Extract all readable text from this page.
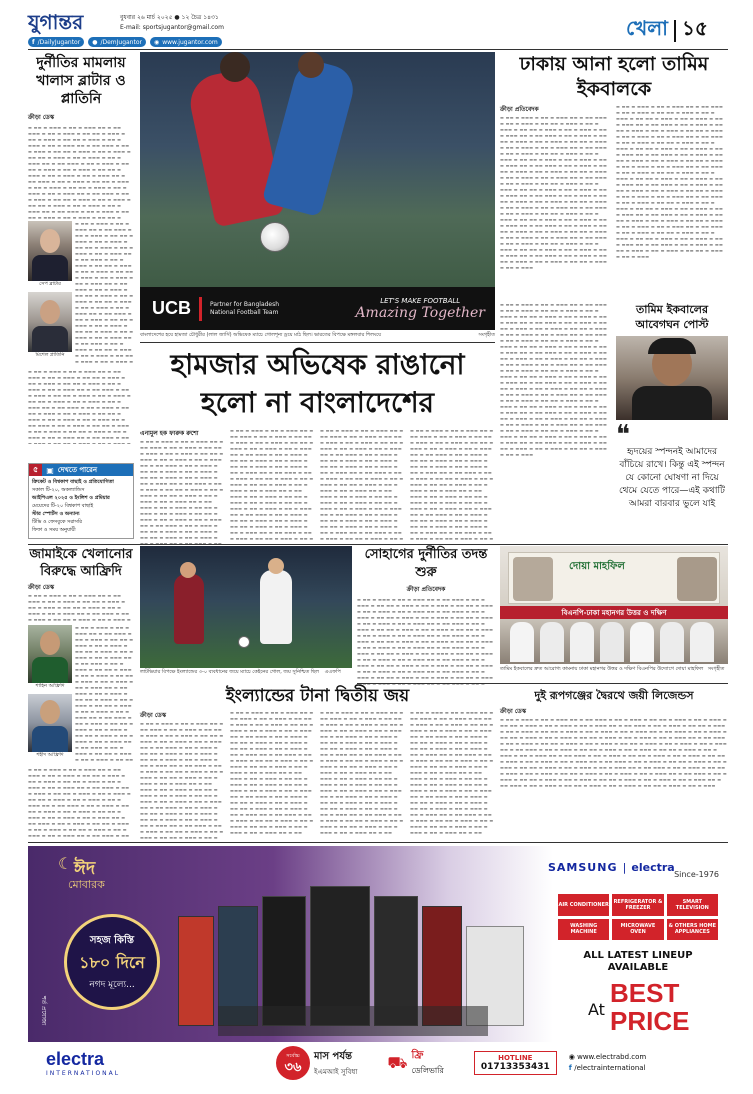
যুগান্তর	বুধবার ২৬ মার্চ ২০২৫ ● ১২ চৈত্র ১৪৩১
E-mail: sportsjugantor@gmail.com
f /DailyJugantor ● /DemJugantor ◉ www.jugantor.com
খেলা ১৫
দুর্নীতির মামলায় খালাস ব্লাটার ও প্লাতিনি
ক্রীড়া ডেস্ক
▬ ▬▬ ▬ ▬▬▬ ▬ ▬▬ ▬ ▬▬▬ ▬▬ ▬ ▬▬ ▬▬▬ ▬ ▬▬ ▬ ▬▬▬ ▬ ▬▬ ▬▬ ▬ ▬▬▬ ▬ ▬▬ ▬ ▬▬▬ ▬ ▬▬ ▬▬ ▬ ▬▬▬ ▬ ▬▬ ▬ ▬▬▬ ▬ ▬▬ ▬ ▬▬▬ ▬▬ ▬ ▬▬ ▬▬▬ ▬ ▬▬ ▬ ▬▬▬ ▬ ▬▬ ▬▬ ▬ ▬▬▬ ▬ ▬▬ ▬ ▬▬▬ ▬ ▬▬ ▬▬ ▬ ▬▬▬ ▬ ▬▬ ▬ ▬▬▬ ▬ ▬▬ ▬ ▬▬▬ ▬▬ ▬ ▬▬ ▬▬▬ ▬ ▬▬ ▬ ▬▬▬ ▬ ▬▬ ▬▬ ▬ ▬▬▬ ▬ ▬▬ ▬ ▬▬▬ ▬ ▬▬ ▬▬ ▬ ▬▬▬ ▬ ▬▬ ▬ ▬▬▬ ▬ ▬▬ ▬ ▬▬▬ ▬▬ ▬ ▬▬ ▬▬▬ ▬ ▬▬ ▬ ▬▬▬ ▬ ▬▬ ▬▬ ▬ ▬▬▬ ▬ ▬▬ ▬ ▬▬▬ ▬ ▬▬ ▬▬ ▬ ▬▬▬ ▬ ▬▬ ▬ ▬▬▬ ▬ ▬▬ ▬ ▬▬▬ ▬▬ ▬ ▬▬ ▬▬▬ ▬ ▬▬ ▬ ▬▬▬ ▬ ▬▬ ▬▬ ▬ ▬▬▬ ▬ ▬▬ ▬ ▬▬▬ ▬ ▬▬ ▬▬ ▬ ▬▬▬ ▬ ▬▬ ▬ ▬▬▬ ▬ ▬▬ ▬ ▬▬▬ ▬▬ ▬ ▬▬ ▬▬▬ ▬ ▬▬ ▬ ▬▬▬ ▬ ▬▬ ▬▬ ▬ ▬▬▬ ▬ ▬▬ ▬ ▬▬▬ ▬ ▬▬ ▬▬ ▬ ▬▬▬ ▬ ▬▬ ▬ ▬▬▬ ▬ ▬▬ ▬ ▬▬▬ ▬▬ ▬ ▬▬ ▬▬▬ ▬ ▬▬ ▬ ▬▬▬ ▬ ▬▬ ▬▬ ▬ ▬▬▬ ▬ ▬▬ ▬ ▬▬▬ ▬ ▬▬ ▬▬ ▬ ▬▬▬ ▬ ▬▬ ▬ ▬▬▬ ▬ ▬▬ ▬ ▬▬▬ ▬▬ ▬ ▬▬ ▬▬▬ ▬ ▬▬ ▬ ▬▬▬ ▬ ▬▬ ▬▬ ▬ ▬▬▬ ▬ ▬▬ ▬ ▬▬▬ ▬ ▬▬ ▬▬ ▬ ▬▬▬ ▬ ▬▬ ▬ ▬▬▬ ▬ ▬▬ ▬ ▬▬▬ ▬▬ ▬ ▬▬ ▬▬▬ ▬ ▬▬ ▬ ▬▬▬ ▬ ▬▬ ▬▬ ▬ ▬▬▬ ▬ ▬▬ ▬ ▬▬▬ ▬ ▬▬ ▬▬ ▬ ▬▬▬ ▬ ▬▬ ▬ ▬▬▬ ▬ ▬▬ ▬ ▬▬▬ ▬▬ ▬ ▬▬ ▬▬▬ ▬ ▬▬ ▬ ▬▬▬ ▬ ▬▬ ▬▬ ▬ ▬▬▬ ▬ ▬▬ ▬ ▬▬▬ ▬ ▬▬ ▬▬ ▬ ▬▬▬ ▬ ▬▬ ▬ ▬▬▬
সেপ ব্লাটার
মিশেল প্লাতিনি
▬ ▬▬ ▬ ▬▬▬ ▬ ▬▬ ▬ ▬▬▬ ▬▬ ▬ ▬▬ ▬▬▬ ▬ ▬▬ ▬ ▬▬▬ ▬ ▬▬ ▬▬ ▬ ▬▬▬ ▬ ▬▬ ▬ ▬▬▬ ▬ ▬▬ ▬▬ ▬ ▬▬▬ ▬ ▬▬ ▬ ▬▬▬ ▬ ▬▬ ▬ ▬▬▬ ▬▬ ▬ ▬▬ ▬▬▬ ▬ ▬▬ ▬ ▬▬▬ ▬ ▬▬ ▬▬ ▬ ▬▬▬ ▬ ▬▬ ▬ ▬▬▬ ▬ ▬▬ ▬▬ ▬ ▬▬▬ ▬ ▬▬ ▬ ▬▬▬ ▬ ▬▬ ▬ ▬▬▬ ▬▬ ▬ ▬▬ ▬▬▬ ▬ ▬▬ ▬ ▬▬▬ ▬ ▬▬ ▬▬ ▬ ▬▬▬ ▬ ▬▬ ▬ ▬▬▬ ▬ ▬▬ ▬▬ ▬ ▬▬▬ ▬ ▬▬ ▬ ▬▬▬ ▬ ▬▬ ▬ ▬▬▬ ▬▬ ▬ ▬▬ ▬▬▬ ▬ ▬▬ ▬ ▬▬▬ ▬ ▬▬ ▬▬ ▬ ▬▬▬ ▬ ▬▬ ▬ ▬▬▬ ▬ ▬▬ ▬▬ ▬ ▬▬▬ ▬ ▬▬ ▬ ▬▬▬ ▬ ▬▬ ▬ ▬▬▬ ▬▬ ▬ ▬▬ ▬▬▬ ▬ ▬▬ ▬ ▬▬▬ ▬ ▬▬ ▬▬ ▬ ▬▬▬ ▬ ▬▬ ▬ ▬▬▬ ▬ ▬▬ ▬▬ ▬ ▬▬▬ ▬ ▬▬ ▬ ▬▬▬ ▬ ▬▬ ▬ ▬▬▬ ▬▬ ▬ ▬▬ ▬▬▬ ▬ ▬▬ ▬ ▬▬▬ ▬ ▬▬ ▬▬ ▬ ▬▬▬ ▬ ▬▬ ▬ ▬▬▬ ▬ ▬▬ ▬▬ ▬ ▬▬▬ ▬ ▬▬ ▬ ▬▬▬ ▬ ▬▬ ▬ ▬▬▬ ▬▬ ▬ ▬▬ ▬▬▬ ▬ ▬▬ ▬ ▬▬▬ ▬ ▬▬ ▬▬ ▬ ▬▬▬ ▬ ▬▬ ▬ ▬▬▬ ▬ ▬▬ ▬▬ ▬ ▬▬▬ ▬ ▬▬ ▬ ▬▬▬ ▬ ▬▬ ▬ ▬▬▬ ▬▬ ▬ ▬▬ ▬▬▬ ▬ ▬▬ ▬ ▬▬▬ ▬ ▬▬ ▬▬ ▬ ▬▬▬ ▬ ▬▬ ▬ ▬▬▬ ▬ ▬▬ ▬▬ ▬ ▬▬▬ ▬ ▬▬ ▬ ▬▬▬ ▬ ▬▬ ▬ ▬▬▬ ▬▬ ▬ ▬▬ ▬▬▬ ▬ ▬▬ ▬ ▬▬▬ ▬ ▬▬ ▬▬ ▬ ▬▬▬ ▬ ▬▬ ▬ ▬▬▬ ▬ ▬▬ ▬▬ ▬ ▬▬▬ ▬ ▬▬ ▬ ▬▬▬ ▬ ▬▬ ▬ ▬▬▬ ▬▬ ▬ ▬▬ ▬▬▬ ▬ ▬▬ ▬ ▬▬▬ ▬ ▬▬ ▬▬ ▬ ▬▬▬ ▬ ▬▬ ▬ ▬▬▬ ▬ ▬▬ ▬▬ ▬ ▬▬▬ ▬ ▬▬ ▬ ▬▬▬
▬ ▬▬ ▬ ▬▬▬ ▬ ▬▬ ▬ ▬▬▬ ▬▬ ▬ ▬▬ ▬▬▬ ▬ ▬▬ ▬ ▬▬▬ ▬ ▬▬ ▬▬ ▬ ▬▬▬ ▬ ▬▬ ▬ ▬▬▬ ▬ ▬▬ ▬▬ ▬ ▬▬▬ ▬ ▬▬ ▬ ▬▬▬ ▬ ▬▬ ▬ ▬▬▬ ▬▬ ▬ ▬▬ ▬▬▬ ▬ ▬▬ ▬ ▬▬▬ ▬ ▬▬ ▬▬ ▬ ▬▬▬ ▬ ▬▬ ▬ ▬▬▬ ▬ ▬▬ ▬▬ ▬ ▬▬▬ ▬ ▬▬ ▬ ▬▬▬ ▬ ▬▬ ▬ ▬▬▬ ▬▬ ▬ ▬▬ ▬▬▬ ▬ ▬▬ ▬ ▬▬▬ ▬ ▬▬ ▬▬ ▬ ▬▬▬ ▬ ▬▬ ▬ ▬▬▬ ▬ ▬▬ ▬▬ ▬ ▬▬▬ ▬ ▬▬ ▬ ▬▬▬ ▬ ▬▬ ▬ ▬▬▬ ▬▬ ▬ ▬▬ ▬▬▬ ▬ ▬▬ ▬ ▬▬▬ ▬ ▬▬ ▬▬ ▬ ▬▬▬ ▬ ▬▬ ▬ ▬▬▬ ▬ ▬▬ ▬▬ ▬ ▬▬▬ ▬ ▬▬ ▬ ▬▬▬ ▬ ▬▬ ▬ ▬▬▬ ▬▬ ▬ ▬▬ ▬▬▬ ▬ ▬▬ ▬ ▬▬▬ ▬ ▬▬ ▬▬ ▬ ▬▬▬ ▬ ▬▬ ▬ ▬▬▬ ▬ ▬▬ ▬▬ ▬ ▬▬▬ ▬ ▬▬ ▬ ▬▬▬ ▬ ▬▬ ▬ ▬▬▬ ▬▬ ▬ ▬▬ ▬▬▬ ▬ ▬▬ ▬ ▬▬▬ ▬ ▬▬ ▬▬ ▬ ▬▬▬ ▬ ▬▬ ▬ ▬▬▬ ▬ ▬▬ ▬▬ ▬ ▬▬▬ ▬ ▬▬ ▬ ▬▬▬ ▬ ▬▬ ▬ ▬▬▬ ▬▬ ▬ ▬▬ ▬▬▬ ▬ ▬▬ ▬ ▬▬▬ ▬ ▬▬ ▬▬ ▬ ▬▬▬ ▬ ▬▬ ▬ ▬▬▬ ▬ ▬▬ ▬▬ ▬ ▬▬▬ ▬ ▬▬ ▬ ▬▬▬ ▬ ▬▬ ▬ ▬▬▬ ▬▬ ▬ ▬▬ ▬▬▬ ▬ ▬▬ ▬ ▬▬▬ ▬ ▬▬ ▬▬ ▬ ▬▬▬ ▬ ▬▬ ▬ ▬▬▬ ▬ ▬▬ ▬▬ ▬ ▬▬▬ ▬ ▬▬ ▬ ▬▬▬ ▬ ▬▬ ▬ ▬▬▬ ▬▬ ▬ ▬▬ ▬▬▬ ▬ ▬▬ ▬ ▬▬▬ ▬ ▬▬ ▬▬ ▬ ▬▬▬ ▬ ▬▬ ▬ ▬▬▬ ▬ ▬▬ ▬▬ ▬ ▬▬▬ ▬ ▬▬ ▬ ▬▬▬ ▬ ▬▬ ▬ ▬▬▬ ▬▬ ▬ ▬▬ ▬▬▬ ▬ ▬▬ ▬ ▬▬▬ ▬ ▬▬ ▬▬ ▬ ▬▬▬ ▬ ▬▬ ▬ ▬▬▬ ▬ ▬▬ ▬▬ ▬ ▬▬▬ ▬ ▬▬ ▬ ▬▬▬
৫	▣ দেখতে পারেন
ক্রিকেট ও বিশ্বকাপ বাছাই ও প্রতিযোগিতা
সকাল টি-২০, অকল্যান্ডিস
আইপিএল ২০২৫ ও ইংলিশ ও প্রমিয়ার
মেয়েদের টি-২০ বিশ্বকাপ বাছাই
স্টার স্পোর্টস ও অন্যান্য
টিভি ও ফেসবুকে সরাসরি
ফিফা ও সময় অনুযায়ী
UCB	Partner for Bangladesh National Football Team
LET'S MAKE FOOTBALL
Amazing Together
বাংলাদেশের হয়ে হামজা চৌধুরীর (লাল জার্সি) অভিষেক ম্যাচে গোলশূন্য ড্রয়ে মাঠ ছিল। ভারতের বিপক্ষে মঙ্গলবার শিলংয়ে	সংগৃহীত
হামজার অভিষেক রাঙানো হলো না বাংলাদেশের
এনামুল হক ফারুক রুশো
▬ ▬▬ ▬ ▬▬▬ ▬ ▬▬ ▬ ▬▬▬ ▬▬ ▬ ▬▬ ▬▬▬ ▬ ▬▬ ▬ ▬▬▬ ▬ ▬▬ ▬▬ ▬ ▬▬▬ ▬ ▬▬ ▬ ▬▬▬ ▬ ▬▬ ▬▬ ▬ ▬▬▬ ▬ ▬▬ ▬ ▬▬▬ ▬ ▬▬ ▬ ▬▬▬ ▬▬ ▬ ▬▬ ▬▬▬ ▬ ▬▬ ▬ ▬▬▬ ▬ ▬▬ ▬▬ ▬ ▬▬▬ ▬ ▬▬ ▬ ▬▬▬ ▬ ▬▬ ▬▬ ▬ ▬▬▬ ▬ ▬▬ ▬ ▬▬▬ ▬ ▬▬ ▬ ▬▬▬ ▬▬ ▬ ▬▬ ▬▬▬ ▬ ▬▬ ▬ ▬▬▬ ▬ ▬▬ ▬▬ ▬ ▬▬▬ ▬ ▬▬ ▬ ▬▬▬ ▬ ▬▬ ▬▬ ▬ ▬▬▬ ▬ ▬▬ ▬ ▬▬▬ ▬ ▬▬ ▬ ▬▬▬ ▬▬ ▬ ▬▬ ▬▬▬ ▬ ▬▬ ▬ ▬▬▬ ▬ ▬▬ ▬▬ ▬ ▬▬▬ ▬ ▬▬ ▬ ▬▬▬ ▬ ▬▬ ▬▬ ▬ ▬▬▬ ▬ ▬▬ ▬ ▬▬▬ ▬ ▬▬ ▬ ▬▬▬ ▬▬ ▬ ▬▬ ▬▬▬ ▬ ▬▬ ▬ ▬▬▬ ▬ ▬▬ ▬▬ ▬ ▬▬▬ ▬ ▬▬ ▬ ▬▬▬ ▬ ▬▬ ▬▬ ▬ ▬▬▬ ▬ ▬▬ ▬ ▬▬▬ ▬ ▬▬ ▬ ▬▬▬ ▬▬ ▬ ▬▬ ▬▬▬ ▬ ▬▬ ▬ ▬▬▬ ▬ ▬▬ ▬▬ ▬ ▬▬▬ ▬ ▬▬ ▬ ▬▬▬ ▬ ▬▬ ▬▬ ▬ ▬▬▬ ▬ ▬▬ ▬ ▬▬▬ ▬ ▬▬ ▬ ▬▬▬ ▬▬ ▬ ▬▬ ▬▬▬ ▬ ▬▬ ▬ ▬▬▬ ▬ ▬▬ ▬▬ ▬ ▬▬▬ ▬ ▬▬ ▬ ▬▬▬ ▬ ▬▬ ▬▬ ▬ ▬▬▬ ▬ ▬▬ ▬ ▬▬▬ ▬ ▬▬ ▬ ▬▬▬ ▬▬ ▬ ▬▬ ▬▬▬ ▬ ▬▬ ▬ ▬▬▬ ▬ ▬▬ ▬▬ ▬ ▬▬▬ ▬ ▬▬ ▬ ▬▬▬ ▬ ▬▬ ▬▬ ▬ ▬▬▬ ▬ ▬▬ ▬ ▬▬▬ ▬ ▬▬ ▬ ▬▬▬ ▬▬ ▬ ▬▬ ▬▬▬ ▬ ▬▬ ▬ ▬▬▬ ▬ ▬▬ ▬▬ ▬ ▬▬▬ ▬ ▬▬ ▬ ▬▬▬ ▬ ▬▬ ▬▬ ▬ ▬▬▬ ▬ ▬▬ ▬ ▬▬▬ ▬ ▬▬ ▬ ▬▬▬ ▬▬ ▬ ▬▬ ▬▬▬ ▬ ▬▬ ▬ ▬▬▬ ▬ ▬▬ ▬▬ ▬ ▬▬▬ ▬ ▬▬ ▬ ▬▬▬ ▬ ▬▬ ▬▬ ▬ ▬▬▬ ▬ ▬▬ ▬ ▬▬▬
▬ ▬▬ ▬ ▬▬▬ ▬ ▬▬ ▬ ▬▬▬ ▬▬ ▬ ▬▬ ▬▬▬ ▬ ▬▬ ▬ ▬▬▬ ▬ ▬▬ ▬▬ ▬ ▬▬▬ ▬ ▬▬ ▬ ▬▬▬ ▬ ▬▬ ▬▬ ▬ ▬▬▬ ▬ ▬▬ ▬ ▬▬▬ ▬ ▬▬ ▬ ▬▬▬ ▬▬ ▬ ▬▬ ▬▬▬ ▬ ▬▬ ▬ ▬▬▬ ▬ ▬▬ ▬▬ ▬ ▬▬▬ ▬ ▬▬ ▬ ▬▬▬ ▬ ▬▬ ▬▬ ▬ ▬▬▬ ▬ ▬▬ ▬ ▬▬▬ ▬ ▬▬ ▬ ▬▬▬ ▬▬ ▬ ▬▬ ▬▬▬ ▬ ▬▬ ▬ ▬▬▬ ▬ ▬▬ ▬▬ ▬ ▬▬▬ ▬ ▬▬ ▬ ▬▬▬ ▬ ▬▬ ▬▬ ▬ ▬▬▬ ▬ ▬▬ ▬ ▬▬▬ ▬ ▬▬ ▬ ▬▬▬ ▬▬ ▬ ▬▬ ▬▬▬ ▬ ▬▬ ▬ ▬▬▬ ▬ ▬▬ ▬▬ ▬ ▬▬▬ ▬ ▬▬ ▬ ▬▬▬ ▬ ▬▬ ▬▬ ▬ ▬▬▬ ▬ ▬▬ ▬ ▬▬▬ ▬ ▬▬ ▬ ▬▬▬ ▬▬ ▬ ▬▬ ▬▬▬ ▬ ▬▬ ▬ ▬▬▬ ▬ ▬▬ ▬▬ ▬ ▬▬▬ ▬ ▬▬ ▬ ▬▬▬ ▬ ▬▬ ▬▬ ▬ ▬▬▬ ▬ ▬▬ ▬ ▬▬▬ ▬ ▬▬ ▬ ▬▬▬ ▬▬ ▬ ▬▬ ▬▬▬ ▬ ▬▬ ▬ ▬▬▬ ▬ ▬▬ ▬▬ ▬ ▬▬▬ ▬ ▬▬ ▬ ▬▬▬ ▬ ▬▬ ▬▬ ▬ ▬▬▬ ▬ ▬▬ ▬ ▬▬▬ ▬ ▬▬ ▬ ▬▬▬ ▬▬ ▬ ▬▬ ▬▬▬ ▬ ▬▬ ▬ ▬▬▬ ▬ ▬▬ ▬▬ ▬ ▬▬▬ ▬ ▬▬ ▬ ▬▬▬ ▬ ▬▬ ▬▬ ▬ ▬▬▬ ▬ ▬▬ ▬ ▬▬▬ ▬ ▬▬ ▬ ▬▬▬ ▬▬ ▬ ▬▬ ▬▬▬ ▬ ▬▬ ▬ ▬▬▬ ▬ ▬▬ ▬▬ ▬ ▬▬▬ ▬ ▬▬ ▬ ▬▬▬ ▬ ▬▬ ▬▬ ▬ ▬▬▬ ▬ ▬▬ ▬ ▬▬▬ ▬ ▬▬ ▬ ▬▬▬ ▬▬ ▬ ▬▬ ▬▬▬ ▬ ▬▬ ▬ ▬▬▬ ▬ ▬▬ ▬▬ ▬ ▬▬▬ ▬ ▬▬ ▬ ▬▬▬ ▬ ▬▬ ▬▬ ▬ ▬▬▬ ▬ ▬▬ ▬ ▬▬▬ ▬ ▬▬ ▬ ▬▬▬ ▬▬ ▬ ▬▬ ▬▬▬ ▬ ▬▬ ▬ ▬▬▬ ▬ ▬▬ ▬▬ ▬ ▬▬▬ ▬ ▬▬ ▬ ▬▬▬ ▬ ▬▬ ▬▬ ▬ ▬▬▬ ▬ ▬▬ ▬ ▬▬▬
▬ ▬▬ ▬ ▬▬▬ ▬ ▬▬ ▬ ▬▬▬ ▬▬ ▬ ▬▬ ▬▬▬ ▬ ▬▬ ▬ ▬▬▬ ▬ ▬▬ ▬▬ ▬ ▬▬▬ ▬ ▬▬ ▬ ▬▬▬ ▬ ▬▬ ▬▬ ▬ ▬▬▬ ▬ ▬▬ ▬ ▬▬▬ ▬ ▬▬ ▬ ▬▬▬ ▬▬ ▬ ▬▬ ▬▬▬ ▬ ▬▬ ▬ ▬▬▬ ▬ ▬▬ ▬▬ ▬ ▬▬▬ ▬ ▬▬ ▬ ▬▬▬ ▬ ▬▬ ▬▬ ▬ ▬▬▬ ▬ ▬▬ ▬ ▬▬▬ ▬ ▬▬ ▬ ▬▬▬ ▬▬ ▬ ▬▬ ▬▬▬ ▬ ▬▬ ▬ ▬▬▬ ▬ ▬▬ ▬▬ ▬ ▬▬▬ ▬ ▬▬ ▬ ▬▬▬ ▬ ▬▬ ▬▬ ▬ ▬▬▬ ▬ ▬▬ ▬ ▬▬▬ ▬ ▬▬ ▬ ▬▬▬ ▬▬ ▬ ▬▬ ▬▬▬ ▬ ▬▬ ▬ ▬▬▬ ▬ ▬▬ ▬▬ ▬ ▬▬▬ ▬ ▬▬ ▬ ▬▬▬ ▬ ▬▬ ▬▬ ▬ ▬▬▬ ▬ ▬▬ ▬ ▬▬▬ ▬ ▬▬ ▬ ▬▬▬ ▬▬ ▬ ▬▬ ▬▬▬ ▬ ▬▬ ▬ ▬▬▬ ▬ ▬▬ ▬▬ ▬ ▬▬▬ ▬ ▬▬ ▬ ▬▬▬ ▬ ▬▬ ▬▬ ▬ ▬▬▬ ▬ ▬▬ ▬ ▬▬▬ ▬ ▬▬ ▬ ▬▬▬ ▬▬ ▬ ▬▬ ▬▬▬ ▬ ▬▬ ▬ ▬▬▬ ▬ ▬▬ ▬▬ ▬ ▬▬▬ ▬ ▬▬ ▬ ▬▬▬ ▬ ▬▬ ▬▬ ▬ ▬▬▬ ▬ ▬▬ ▬ ▬▬▬ ▬ ▬▬ ▬ ▬▬▬ ▬▬ ▬ ▬▬ ▬▬▬ ▬ ▬▬ ▬ ▬▬▬ ▬ ▬▬ ▬▬ ▬ ▬▬▬ ▬ ▬▬ ▬ ▬▬▬ ▬ ▬▬ ▬▬ ▬ ▬▬▬ ▬ ▬▬ ▬ ▬▬▬ ▬ ▬▬ ▬ ▬▬▬ ▬▬ ▬ ▬▬ ▬▬▬ ▬ ▬▬ ▬ ▬▬▬ ▬ ▬▬ ▬▬ ▬ ▬▬▬ ▬ ▬▬ ▬ ▬▬▬ ▬ ▬▬ ▬▬ ▬ ▬▬▬ ▬ ▬▬ ▬ ▬▬▬ ▬ ▬▬ ▬ ▬▬▬ ▬▬ ▬ ▬▬ ▬▬▬ ▬ ▬▬ ▬ ▬▬▬ ▬ ▬▬ ▬▬ ▬ ▬▬▬ ▬ ▬▬ ▬ ▬▬▬ ▬ ▬▬ ▬▬ ▬ ▬▬▬ ▬ ▬▬ ▬ ▬▬▬ ▬ ▬▬ ▬ ▬▬▬ ▬▬ ▬ ▬▬ ▬▬▬ ▬ ▬▬ ▬ ▬▬▬ ▬ ▬▬ ▬▬ ▬ ▬▬▬ ▬ ▬▬ ▬ ▬▬▬ ▬ ▬▬ ▬▬ ▬ ▬▬▬ ▬ ▬▬ ▬ ▬▬▬
▬ ▬▬ ▬ ▬▬▬ ▬ ▬▬ ▬ ▬▬▬ ▬▬ ▬ ▬▬ ▬▬▬ ▬ ▬▬ ▬ ▬▬▬ ▬ ▬▬ ▬▬ ▬ ▬▬▬ ▬ ▬▬ ▬ ▬▬▬ ▬ ▬▬ ▬▬ ▬ ▬▬▬ ▬ ▬▬ ▬ ▬▬▬ ▬ ▬▬ ▬ ▬▬▬ ▬▬ ▬ ▬▬ ▬▬▬ ▬ ▬▬ ▬ ▬▬▬ ▬ ▬▬ ▬▬ ▬ ▬▬▬ ▬ ▬▬ ▬ ▬▬▬ ▬ ▬▬ ▬▬ ▬ ▬▬▬ ▬ ▬▬ ▬ ▬▬▬ ▬ ▬▬ ▬ ▬▬▬ ▬▬ ▬ ▬▬ ▬▬▬ ▬ ▬▬ ▬ ▬▬▬ ▬ ▬▬ ▬▬ ▬ ▬▬▬ ▬ ▬▬ ▬ ▬▬▬ ▬ ▬▬ ▬▬ ▬ ▬▬▬ ▬ ▬▬ ▬ ▬▬▬ ▬ ▬▬ ▬ ▬▬▬ ▬▬ ▬ ▬▬ ▬▬▬ ▬ ▬▬ ▬ ▬▬▬ ▬ ▬▬ ▬▬ ▬ ▬▬▬ ▬ ▬▬ ▬ ▬▬▬ ▬ ▬▬ ▬▬ ▬ ▬▬▬ ▬ ▬▬ ▬ ▬▬▬ ▬ ▬▬ ▬ ▬▬▬ ▬▬ ▬ ▬▬ ▬▬▬ ▬ ▬▬ ▬ ▬▬▬ ▬ ▬▬ ▬▬ ▬ ▬▬▬ ▬ ▬▬ ▬ ▬▬▬ ▬ ▬▬ ▬▬ ▬ ▬▬▬ ▬ ▬▬ ▬ ▬▬▬ ▬ ▬▬ ▬ ▬▬▬ ▬▬ ▬ ▬▬ ▬▬▬ ▬ ▬▬ ▬ ▬▬▬ ▬ ▬▬ ▬▬ ▬ ▬▬▬ ▬ ▬▬ ▬ ▬▬▬ ▬ ▬▬ ▬▬ ▬ ▬▬▬ ▬ ▬▬ ▬ ▬▬▬ ▬ ▬▬ ▬ ▬▬▬ ▬▬ ▬ ▬▬ ▬▬▬ ▬ ▬▬ ▬ ▬▬▬ ▬ ▬▬ ▬▬ ▬ ▬▬▬ ▬ ▬▬ ▬ ▬▬▬ ▬ ▬▬ ▬▬ ▬ ▬▬▬ ▬ ▬▬ ▬ ▬▬▬ ▬ ▬▬ ▬ ▬▬▬ ▬▬ ▬ ▬▬ ▬▬▬ ▬ ▬▬ ▬ ▬▬▬ ▬ ▬▬ ▬▬ ▬ ▬▬▬ ▬ ▬▬ ▬ ▬▬▬ ▬ ▬▬ ▬▬ ▬ ▬▬▬ ▬ ▬▬ ▬ ▬▬▬ ▬ ▬▬ ▬ ▬▬▬ ▬▬ ▬ ▬▬ ▬▬▬ ▬ ▬▬ ▬ ▬▬▬ ▬ ▬▬ ▬▬ ▬ ▬▬▬ ▬ ▬▬ ▬ ▬▬▬ ▬ ▬▬ ▬▬ ▬ ▬▬▬ ▬ ▬▬ ▬ ▬▬▬ ▬ ▬▬ ▬ ▬▬▬ ▬▬ ▬ ▬▬ ▬▬▬ ▬ ▬▬ ▬ ▬▬▬ ▬ ▬▬ ▬▬ ▬ ▬▬▬ ▬ ▬▬ ▬ ▬▬▬ ▬ ▬▬ ▬▬ ▬ ▬▬▬ ▬ ▬▬ ▬ ▬▬▬
ঢাকায় আনা হলো তামিম ইকবালকে
ক্রীড়া প্রতিবেদক
▬ ▬▬ ▬ ▬▬▬ ▬ ▬▬ ▬ ▬▬▬ ▬▬ ▬ ▬▬ ▬▬▬ ▬ ▬▬ ▬ ▬▬▬ ▬ ▬▬ ▬▬ ▬ ▬▬▬ ▬ ▬▬ ▬ ▬▬▬ ▬ ▬▬ ▬▬ ▬ ▬▬▬ ▬ ▬▬ ▬ ▬▬▬ ▬ ▬▬ ▬ ▬▬▬ ▬▬ ▬ ▬▬ ▬▬▬ ▬ ▬▬ ▬ ▬▬▬ ▬ ▬▬ ▬▬ ▬ ▬▬▬ ▬ ▬▬ ▬ ▬▬▬ ▬ ▬▬ ▬▬ ▬ ▬▬▬ ▬ ▬▬ ▬ ▬▬▬ ▬ ▬▬ ▬ ▬▬▬ ▬▬ ▬ ▬▬ ▬▬▬ ▬ ▬▬ ▬ ▬▬▬ ▬ ▬▬ ▬▬ ▬ ▬▬▬ ▬ ▬▬ ▬ ▬▬▬ ▬ ▬▬ ▬▬ ▬ ▬▬▬ ▬ ▬▬ ▬ ▬▬▬ ▬ ▬▬ ▬ ▬▬▬ ▬▬ ▬ ▬▬ ▬▬▬ ▬ ▬▬ ▬ ▬▬▬ ▬ ▬▬ ▬▬ ▬ ▬▬▬ ▬ ▬▬ ▬ ▬▬▬ ▬ ▬▬ ▬▬ ▬ ▬▬▬ ▬ ▬▬ ▬ ▬▬▬ ▬ ▬▬ ▬ ▬▬▬ ▬▬ ▬ ▬▬ ▬▬▬ ▬ ▬▬ ▬ ▬▬▬ ▬ ▬▬ ▬▬ ▬ ▬▬▬ ▬ ▬▬ ▬ ▬▬▬ ▬ ▬▬ ▬▬ ▬ ▬▬▬ ▬ ▬▬ ▬ ▬▬▬ ▬ ▬▬ ▬ ▬▬▬ ▬▬ ▬ ▬▬ ▬▬▬ ▬ ▬▬ ▬ ▬▬▬ ▬ ▬▬ ▬▬ ▬ ▬▬▬ ▬ ▬▬ ▬ ▬▬▬ ▬ ▬▬ ▬▬ ▬ ▬▬▬ ▬ ▬▬ ▬ ▬▬▬ ▬ ▬▬ ▬ ▬▬▬ ▬▬ ▬ ▬▬ ▬▬▬ ▬ ▬▬ ▬ ▬▬▬ ▬ ▬▬ ▬▬ ▬ ▬▬▬ ▬ ▬▬ ▬ ▬▬▬ ▬ ▬▬ ▬▬ ▬ ▬▬▬ ▬ ▬▬ ▬ ▬▬▬ ▬ ▬▬ ▬ ▬▬▬ ▬▬ ▬ ▬▬ ▬▬▬ ▬ ▬▬ ▬ ▬▬▬ ▬ ▬▬ ▬▬ ▬ ▬▬▬ ▬ ▬▬ ▬ ▬▬▬ ▬ ▬▬ ▬▬ ▬ ▬▬▬ ▬ ▬▬ ▬ ▬▬▬ ▬ ▬▬ ▬ ▬▬▬ ▬▬ ▬ ▬▬ ▬▬▬ ▬ ▬▬ ▬ ▬▬▬ ▬ ▬▬ ▬▬ ▬ ▬▬▬ ▬ ▬▬ ▬ ▬▬▬ ▬ ▬▬ ▬▬ ▬ ▬▬▬ ▬ ▬▬ ▬ ▬▬▬ ▬ ▬▬ ▬ ▬▬▬ ▬▬ ▬ ▬▬ ▬▬▬ ▬ ▬▬ ▬ ▬▬▬ ▬ ▬▬ ▬▬ ▬ ▬▬▬ ▬ ▬▬ ▬ ▬▬▬ ▬ ▬▬ ▬▬ ▬ ▬▬▬ ▬ ▬▬ ▬ ▬▬▬
▬ ▬▬ ▬ ▬▬▬ ▬ ▬▬ ▬ ▬▬▬ ▬▬ ▬ ▬▬ ▬▬▬ ▬ ▬▬ ▬ ▬▬▬ ▬ ▬▬ ▬▬ ▬ ▬▬▬ ▬ ▬▬ ▬ ▬▬▬ ▬ ▬▬ ▬▬ ▬ ▬▬▬ ▬ ▬▬ ▬ ▬▬▬ ▬ ▬▬ ▬ ▬▬▬ ▬▬ ▬ ▬▬ ▬▬▬ ▬ ▬▬ ▬ ▬▬▬ ▬ ▬▬ ▬▬ ▬ ▬▬▬ ▬ ▬▬ ▬ ▬▬▬ ▬ ▬▬ ▬▬ ▬ ▬▬▬ ▬ ▬▬ ▬ ▬▬▬ ▬ ▬▬ ▬ ▬▬▬ ▬▬ ▬ ▬▬ ▬▬▬ ▬ ▬▬ ▬ ▬▬▬ ▬ ▬▬ ▬▬ ▬ ▬▬▬ ▬ ▬▬ ▬ ▬▬▬ ▬ ▬▬ ▬▬ ▬ ▬▬▬ ▬ ▬▬ ▬ ▬▬▬ ▬ ▬▬ ▬ ▬▬▬ ▬▬ ▬ ▬▬ ▬▬▬ ▬ ▬▬ ▬ ▬▬▬ ▬ ▬▬ ▬▬ ▬ ▬▬▬ ▬ ▬▬ ▬ ▬▬▬ ▬ ▬▬ ▬▬ ▬ ▬▬▬ ▬ ▬▬ ▬ ▬▬▬ ▬ ▬▬ ▬ ▬▬▬ ▬▬ ▬ ▬▬ ▬▬▬ ▬ ▬▬ ▬ ▬▬▬ ▬ ▬▬ ▬▬ ▬ ▬▬▬ ▬ ▬▬ ▬ ▬▬▬ ▬ ▬▬ ▬▬ ▬ ▬▬▬ ▬ ▬▬ ▬ ▬▬▬ ▬ ▬▬ ▬ ▬▬▬ ▬▬ ▬ ▬▬ ▬▬▬ ▬ ▬▬ ▬ ▬▬▬ ▬ ▬▬ ▬▬ ▬ ▬▬▬ ▬ ▬▬ ▬ ▬▬▬ ▬ ▬▬ ▬▬ ▬ ▬▬▬ ▬ ▬▬ ▬ ▬▬▬ ▬ ▬▬ ▬ ▬▬▬ ▬▬ ▬ ▬▬ ▬▬▬ ▬ ▬▬ ▬ ▬▬▬ ▬ ▬▬ ▬▬ ▬ ▬▬▬ ▬ ▬▬ ▬ ▬▬▬ ▬ ▬▬ ▬▬ ▬ ▬▬▬ ▬ ▬▬ ▬ ▬▬▬ ▬ ▬▬ ▬ ▬▬▬ ▬▬ ▬ ▬▬ ▬▬▬ ▬ ▬▬ ▬ ▬▬▬ ▬ ▬▬ ▬▬ ▬ ▬▬▬ ▬ ▬▬ ▬ ▬▬▬ ▬ ▬▬ ▬▬ ▬ ▬▬▬ ▬ ▬▬ ▬ ▬▬▬ ▬ ▬▬ ▬ ▬▬▬ ▬▬ ▬ ▬▬ ▬▬▬ ▬ ▬▬ ▬ ▬▬▬ ▬ ▬▬ ▬▬ ▬ ▬▬▬ ▬ ▬▬ ▬ ▬▬▬ ▬ ▬▬ ▬▬ ▬ ▬▬▬ ▬ ▬▬ ▬ ▬▬▬ ▬ ▬▬ ▬ ▬▬▬ ▬▬ ▬ ▬▬ ▬▬▬ ▬ ▬▬ ▬ ▬▬▬ ▬ ▬▬ ▬▬ ▬ ▬▬▬ ▬ ▬▬ ▬ ▬▬▬ ▬ ▬▬ ▬▬ ▬ ▬▬▬ ▬ ▬▬ ▬ ▬▬▬
▬ ▬▬ ▬ ▬▬▬ ▬ ▬▬ ▬ ▬▬▬ ▬▬ ▬ ▬▬ ▬▬▬ ▬ ▬▬ ▬ ▬▬▬ ▬ ▬▬ ▬▬ ▬ ▬▬▬ ▬ ▬▬ ▬ ▬▬▬ ▬ ▬▬ ▬▬ ▬ ▬▬▬ ▬ ▬▬ ▬ ▬▬▬ ▬ ▬▬ ▬ ▬▬▬ ▬▬ ▬ ▬▬ ▬▬▬ ▬ ▬▬ ▬ ▬▬▬ ▬ ▬▬ ▬▬ ▬ ▬▬▬ ▬ ▬▬ ▬ ▬▬▬ ▬ ▬▬ ▬▬ ▬ ▬▬▬ ▬ ▬▬ ▬ ▬▬▬ ▬ ▬▬ ▬ ▬▬▬ ▬▬ ▬ ▬▬ ▬▬▬ ▬ ▬▬ ▬ ▬▬▬ ▬ ▬▬ ▬▬ ▬ ▬▬▬ ▬ ▬▬ ▬ ▬▬▬ ▬ ▬▬ ▬▬ ▬ ▬▬▬ ▬ ▬▬ ▬ ▬▬▬ ▬ ▬▬ ▬ ▬▬▬ ▬▬ ▬ ▬▬ ▬▬▬ ▬ ▬▬ ▬ ▬▬▬ ▬ ▬▬ ▬▬ ▬ ▬▬▬ ▬ ▬▬ ▬ ▬▬▬ ▬ ▬▬ ▬▬ ▬ ▬▬▬ ▬ ▬▬ ▬ ▬▬▬ ▬ ▬▬ ▬ ▬▬▬ ▬▬ ▬ ▬▬ ▬▬▬ ▬ ▬▬ ▬ ▬▬▬ ▬ ▬▬ ▬▬ ▬ ▬▬▬ ▬ ▬▬ ▬ ▬▬▬ ▬ ▬▬ ▬▬ ▬ ▬▬▬ ▬ ▬▬ ▬ ▬▬▬ ▬ ▬▬ ▬ ▬▬▬ ▬▬ ▬ ▬▬ ▬▬▬ ▬ ▬▬ ▬ ▬▬▬ ▬ ▬▬ ▬▬ ▬ ▬▬▬ ▬ ▬▬ ▬ ▬▬▬ ▬ ▬▬ ▬▬ ▬ ▬▬▬ ▬ ▬▬ ▬ ▬▬▬ ▬ ▬▬ ▬ ▬▬▬ ▬▬ ▬ ▬▬ ▬▬▬ ▬ ▬▬ ▬ ▬▬▬ ▬ ▬▬ ▬▬ ▬ ▬▬▬ ▬ ▬▬ ▬ ▬▬▬ ▬ ▬▬ ▬▬ ▬ ▬▬▬ ▬ ▬▬ ▬ ▬▬▬ ▬ ▬▬ ▬ ▬▬▬ ▬▬ ▬ ▬▬ ▬▬▬ ▬ ▬▬ ▬ ▬▬▬ ▬ ▬▬ ▬▬ ▬ ▬▬▬ ▬ ▬▬ ▬ ▬▬▬ ▬ ▬▬ ▬▬ ▬ ▬▬▬ ▬ ▬▬ ▬ ▬▬▬ ▬ ▬▬ ▬ ▬▬▬ ▬▬ ▬ ▬▬ ▬▬▬ ▬ ▬▬ ▬ ▬▬▬ ▬ ▬▬ ▬▬ ▬ ▬▬▬ ▬ ▬▬ ▬ ▬▬▬ ▬ ▬▬ ▬▬ ▬ ▬▬▬ ▬ ▬▬ ▬ ▬▬▬ ▬ ▬▬ ▬ ▬▬▬ ▬▬ ▬ ▬▬ ▬▬▬ ▬ ▬▬ ▬ ▬▬▬ ▬ ▬▬ ▬▬ ▬ ▬▬▬ ▬ ▬▬ ▬ ▬▬▬ ▬ ▬▬ ▬▬ ▬ ▬▬▬ ▬ ▬▬ ▬ ▬▬▬
তামিম ইকবালের আবেগঘন পোস্ট
❝
হৃদয়ের স্পন্দনই আমাদের বাঁচিয়ে রাখে। কিন্তু এই স্পন্দন যে কোনো ঘোষণা না দিয়ে থেমে যেতে পারে—এই কথাটি আমরা বারবার ভুলে যাই
জামাইকে খেলানোর বিরুদ্ধে আফ্রিদি
ক্রীড়া ডেস্ক
▬ ▬▬ ▬ ▬▬▬ ▬ ▬▬ ▬ ▬▬▬ ▬▬ ▬ ▬▬ ▬▬▬ ▬ ▬▬ ▬ ▬▬▬ ▬ ▬▬ ▬▬ ▬ ▬▬▬ ▬ ▬▬ ▬ ▬▬▬ ▬ ▬▬ ▬▬ ▬ ▬▬▬ ▬ ▬▬ ▬ ▬▬▬ ▬ ▬▬ ▬ ▬▬▬ ▬▬ ▬ ▬▬ ▬▬▬ ▬ ▬▬ ▬ ▬▬▬ ▬ ▬▬ ▬▬ ▬ ▬▬▬ ▬ ▬▬ ▬ ▬▬▬ ▬ ▬▬ ▬▬ ▬ ▬▬▬ ▬ ▬▬ ▬ ▬▬▬ ▬ ▬▬ ▬ ▬▬▬ ▬▬ ▬ ▬▬ ▬▬▬ ▬ ▬▬ ▬ ▬▬▬ ▬ ▬▬ ▬▬ ▬ ▬▬▬ ▬ ▬▬ ▬ ▬▬▬ ▬ ▬▬ ▬▬ ▬ ▬▬▬ ▬ ▬▬ ▬ ▬▬▬ ▬ ▬▬ ▬ ▬▬▬ ▬▬ ▬ ▬▬ ▬▬▬ ▬ ▬▬ ▬ ▬▬▬ ▬ ▬▬ ▬▬ ▬ ▬▬▬ ▬ ▬▬ ▬ ▬▬▬ ▬ ▬▬ ▬▬ ▬ ▬▬▬ ▬ ▬▬ ▬ ▬▬▬ ▬ ▬▬ ▬ ▬▬▬ ▬▬ ▬ ▬▬ ▬▬▬ ▬ ▬▬ ▬ ▬▬▬ ▬ ▬▬ ▬▬ ▬ ▬▬▬ ▬ ▬▬ ▬ ▬▬▬ ▬ ▬▬ ▬▬ ▬ ▬▬▬ ▬ ▬▬ ▬ ▬▬▬ ▬ ▬▬ ▬ ▬▬▬ ▬▬ ▬ ▬▬ ▬▬▬ ▬ ▬▬ ▬ ▬▬▬ ▬ ▬▬ ▬▬ ▬ ▬▬▬ ▬ ▬▬ ▬ ▬▬▬ ▬ ▬▬ ▬▬ ▬ ▬▬▬ ▬ ▬▬ ▬ ▬▬▬ ▬ ▬▬ ▬ ▬▬▬ ▬▬ ▬ ▬▬ ▬▬▬ ▬ ▬▬ ▬ ▬▬▬ ▬ ▬▬ ▬▬ ▬ ▬▬▬ ▬ ▬▬ ▬ ▬▬▬ ▬ ▬▬ ▬▬ ▬ ▬▬▬ ▬ ▬▬ ▬ ▬▬▬ ▬ ▬▬ ▬ ▬▬▬ ▬▬ ▬ ▬▬ ▬▬▬ ▬ ▬▬ ▬ ▬▬▬ ▬ ▬▬ ▬▬ ▬ ▬▬▬ ▬ ▬▬ ▬ ▬▬▬ ▬ ▬▬ ▬▬ ▬ ▬▬▬ ▬ ▬▬ ▬ ▬▬▬ ▬ ▬▬ ▬ ▬▬▬ ▬▬ ▬ ▬▬ ▬▬▬ ▬ ▬▬ ▬ ▬▬▬ ▬ ▬▬ ▬▬ ▬ ▬▬▬ ▬ ▬▬ ▬ ▬▬▬ ▬ ▬▬ ▬▬ ▬ ▬▬▬ ▬ ▬▬ ▬ ▬▬▬ ▬ ▬▬ ▬ ▬▬▬ ▬▬ ▬ ▬▬ ▬▬▬ ▬ ▬▬ ▬ ▬▬▬ ▬ ▬▬ ▬▬ ▬ ▬▬▬ ▬ ▬▬ ▬ ▬▬▬ ▬ ▬▬ ▬▬ ▬ ▬▬▬ ▬ ▬▬ ▬ ▬▬▬
শাহিন আফ্রিদি
শহীদ আফ্রিদি
▬ ▬▬ ▬ ▬▬▬ ▬ ▬▬ ▬ ▬▬▬ ▬▬ ▬ ▬▬ ▬▬▬ ▬ ▬▬ ▬ ▬▬▬ ▬ ▬▬ ▬▬ ▬ ▬▬▬ ▬ ▬▬ ▬ ▬▬▬ ▬ ▬▬ ▬▬ ▬ ▬▬▬ ▬ ▬▬ ▬ ▬▬▬ ▬ ▬▬ ▬ ▬▬▬ ▬▬ ▬ ▬▬ ▬▬▬ ▬ ▬▬ ▬ ▬▬▬ ▬ ▬▬ ▬▬ ▬ ▬▬▬ ▬ ▬▬ ▬ ▬▬▬ ▬ ▬▬ ▬▬ ▬ ▬▬▬ ▬ ▬▬ ▬ ▬▬▬ ▬ ▬▬ ▬ ▬▬▬ ▬▬ ▬ ▬▬ ▬▬▬ ▬ ▬▬ ▬ ▬▬▬ ▬ ▬▬ ▬▬ ▬ ▬▬▬ ▬ ▬▬ ▬ ▬▬▬ ▬ ▬▬ ▬▬ ▬ ▬▬▬ ▬ ▬▬ ▬ ▬▬▬ ▬ ▬▬ ▬ ▬▬▬ ▬▬ ▬ ▬▬ ▬▬▬ ▬ ▬▬ ▬ ▬▬▬ ▬ ▬▬ ▬▬ ▬ ▬▬▬ ▬ ▬▬ ▬ ▬▬▬ ▬ ▬▬ ▬▬ ▬ ▬▬▬ ▬ ▬▬ ▬ ▬▬▬ ▬ ▬▬ ▬ ▬▬▬ ▬▬ ▬ ▬▬ ▬▬▬ ▬ ▬▬ ▬ ▬▬▬ ▬ ▬▬ ▬▬ ▬ ▬▬▬ ▬ ▬▬ ▬ ▬▬▬ ▬ ▬▬ ▬▬ ▬ ▬▬▬ ▬ ▬▬ ▬ ▬▬▬ ▬ ▬▬ ▬ ▬▬▬ ▬▬ ▬ ▬▬ ▬▬▬ ▬ ▬▬ ▬ ▬▬▬ ▬ ▬▬ ▬▬ ▬ ▬▬▬ ▬ ▬▬ ▬ ▬▬▬ ▬ ▬▬ ▬▬ ▬ ▬▬▬ ▬ ▬▬ ▬ ▬▬▬ ▬ ▬▬ ▬ ▬▬▬ ▬▬ ▬ ▬▬ ▬▬▬ ▬ ▬▬ ▬ ▬▬▬ ▬ ▬▬ ▬▬ ▬ ▬▬▬ ▬ ▬▬ ▬ ▬▬▬ ▬ ▬▬ ▬▬ ▬ ▬▬▬ ▬ ▬▬ ▬ ▬▬▬ ▬ ▬▬ ▬ ▬▬▬ ▬▬ ▬ ▬▬ ▬▬▬ ▬ ▬▬ ▬ ▬▬▬ ▬ ▬▬ ▬▬ ▬ ▬▬▬ ▬ ▬▬ ▬ ▬▬▬ ▬ ▬▬ ▬▬ ▬ ▬▬▬ ▬ ▬▬ ▬ ▬▬▬ ▬ ▬▬ ▬ ▬▬▬ ▬▬ ▬ ▬▬ ▬▬▬ ▬ ▬▬ ▬ ▬▬▬ ▬ ▬▬ ▬▬ ▬ ▬▬▬ ▬ ▬▬ ▬ ▬▬▬ ▬ ▬▬ ▬▬ ▬ ▬▬▬ ▬ ▬▬ ▬ ▬▬▬ ▬ ▬▬ ▬ ▬▬▬ ▬▬ ▬ ▬▬ ▬▬▬ ▬ ▬▬ ▬ ▬▬▬ ▬ ▬▬ ▬▬ ▬ ▬▬▬ ▬ ▬▬ ▬ ▬▬▬ ▬ ▬▬ ▬▬ ▬ ▬▬▬ ▬ ▬▬ ▬ ▬▬▬
▬ ▬▬ ▬ ▬▬▬ ▬ ▬▬ ▬ ▬▬▬ ▬▬ ▬ ▬▬ ▬▬▬ ▬ ▬▬ ▬ ▬▬▬ ▬ ▬▬ ▬▬ ▬ ▬▬▬ ▬ ▬▬ ▬ ▬▬▬ ▬ ▬▬ ▬▬ ▬ ▬▬▬ ▬ ▬▬ ▬ ▬▬▬ ▬ ▬▬ ▬ ▬▬▬ ▬▬ ▬ ▬▬ ▬▬▬ ▬ ▬▬ ▬ ▬▬▬ ▬ ▬▬ ▬▬ ▬ ▬▬▬ ▬ ▬▬ ▬ ▬▬▬ ▬ ▬▬ ▬▬ ▬ ▬▬▬ ▬ ▬▬ ▬ ▬▬▬ ▬ ▬▬ ▬ ▬▬▬ ▬▬ ▬ ▬▬ ▬▬▬ ▬ ▬▬ ▬ ▬▬▬ ▬ ▬▬ ▬▬ ▬ ▬▬▬ ▬ ▬▬ ▬ ▬▬▬ ▬ ▬▬ ▬▬ ▬ ▬▬▬ ▬ ▬▬ ▬ ▬▬▬ ▬ ▬▬ ▬ ▬▬▬ ▬▬ ▬ ▬▬ ▬▬▬ ▬ ▬▬ ▬ ▬▬▬ ▬ ▬▬ ▬▬ ▬ ▬▬▬ ▬ ▬▬ ▬ ▬▬▬ ▬ ▬▬ ▬▬ ▬ ▬▬▬ ▬ ▬▬ ▬ ▬▬▬ ▬ ▬▬ ▬ ▬▬▬ ▬▬ ▬ ▬▬ ▬▬▬ ▬ ▬▬ ▬ ▬▬▬ ▬ ▬▬ ▬▬ ▬ ▬▬▬ ▬ ▬▬ ▬ ▬▬▬ ▬ ▬▬ ▬▬ ▬ ▬▬▬ ▬ ▬▬ ▬ ▬▬▬ ▬ ▬▬ ▬ ▬▬▬ ▬▬ ▬ ▬▬ ▬▬▬ ▬ ▬▬ ▬ ▬▬▬ ▬ ▬▬ ▬▬ ▬ ▬▬▬ ▬ ▬▬ ▬ ▬▬▬ ▬ ▬▬ ▬▬ ▬ ▬▬▬ ▬ ▬▬ ▬ ▬▬▬ ▬ ▬▬ ▬ ▬▬▬ ▬▬ ▬ ▬▬ ▬▬▬ ▬ ▬▬ ▬ ▬▬▬ ▬ ▬▬ ▬▬ ▬ ▬▬▬ ▬ ▬▬ ▬ ▬▬▬ ▬ ▬▬ ▬▬ ▬ ▬▬▬ ▬ ▬▬ ▬ ▬▬▬ ▬ ▬▬ ▬ ▬▬▬ ▬▬ ▬ ▬▬ ▬▬▬ ▬ ▬▬ ▬ ▬▬▬ ▬ ▬▬ ▬▬ ▬ ▬▬▬ ▬ ▬▬ ▬ ▬▬▬ ▬ ▬▬ ▬▬ ▬ ▬▬▬ ▬ ▬▬ ▬ ▬▬▬ ▬ ▬▬ ▬ ▬▬▬ ▬▬ ▬ ▬▬ ▬▬▬ ▬ ▬▬ ▬ ▬▬▬ ▬ ▬▬ ▬▬ ▬ ▬▬▬ ▬ ▬▬ ▬ ▬▬▬ ▬ ▬▬ ▬▬ ▬ ▬▬▬ ▬ ▬▬ ▬ ▬▬▬ ▬ ▬▬ ▬ ▬▬▬ ▬▬ ▬ ▬▬ ▬▬▬ ▬ ▬▬ ▬ ▬▬▬ ▬ ▬▬ ▬▬ ▬ ▬▬▬ ▬ ▬▬ ▬ ▬▬▬ ▬ ▬▬ ▬▬ ▬ ▬▬▬ ▬ ▬▬ ▬ ▬▬▬
লাটভিয়ার বিপক্ষে ইংল্যান্ডের ৩-০ ব্যবধানের জয়ে ম্যাচে কেইনের গোল, জয় সুনিশ্চিত ছিল এএফপি
ইংল্যান্ডের টানা দ্বিতীয় জয়
ক্রীড়া ডেস্ক
▬ ▬▬ ▬ ▬▬▬ ▬ ▬▬ ▬ ▬▬▬ ▬▬ ▬ ▬▬ ▬▬▬ ▬ ▬▬ ▬ ▬▬▬ ▬ ▬▬ ▬▬ ▬ ▬▬▬ ▬ ▬▬ ▬ ▬▬▬ ▬ ▬▬ ▬▬ ▬ ▬▬▬ ▬ ▬▬ ▬ ▬▬▬ ▬ ▬▬ ▬ ▬▬▬ ▬▬ ▬ ▬▬ ▬▬▬ ▬ ▬▬ ▬ ▬▬▬ ▬ ▬▬ ▬▬ ▬ ▬▬▬ ▬ ▬▬ ▬ ▬▬▬ ▬ ▬▬ ▬▬ ▬ ▬▬▬ ▬ ▬▬ ▬ ▬▬▬ ▬ ▬▬ ▬ ▬▬▬ ▬▬ ▬ ▬▬ ▬▬▬ ▬ ▬▬ ▬ ▬▬▬ ▬ ▬▬ ▬▬ ▬ ▬▬▬ ▬ ▬▬ ▬ ▬▬▬ ▬ ▬▬ ▬▬ ▬ ▬▬▬ ▬ ▬▬ ▬ ▬▬▬ ▬ ▬▬ ▬ ▬▬▬ ▬▬ ▬ ▬▬ ▬▬▬ ▬ ▬▬ ▬ ▬▬▬ ▬ ▬▬ ▬▬ ▬ ▬▬▬ ▬ ▬▬ ▬ ▬▬▬ ▬ ▬▬ ▬▬ ▬ ▬▬▬ ▬ ▬▬ ▬ ▬▬▬ ▬ ▬▬ ▬ ▬▬▬ ▬▬ ▬ ▬▬ ▬▬▬ ▬ ▬▬ ▬ ▬▬▬ ▬ ▬▬ ▬▬ ▬ ▬▬▬ ▬ ▬▬ ▬ ▬▬▬ ▬ ▬▬ ▬▬ ▬ ▬▬▬ ▬ ▬▬ ▬ ▬▬▬ ▬ ▬▬ ▬ ▬▬▬ ▬▬ ▬ ▬▬ ▬▬▬ ▬ ▬▬ ▬ ▬▬▬ ▬ ▬▬ ▬▬ ▬ ▬▬▬ ▬ ▬▬ ▬ ▬▬▬ ▬ ▬▬ ▬▬ ▬ ▬▬▬ ▬ ▬▬ ▬ ▬▬▬ ▬ ▬▬ ▬ ▬▬▬ ▬▬ ▬ ▬▬ ▬▬▬ ▬ ▬▬ ▬ ▬▬▬ ▬ ▬▬ ▬▬ ▬ ▬▬▬ ▬ ▬▬ ▬ ▬▬▬ ▬ ▬▬ ▬▬ ▬ ▬▬▬ ▬ ▬▬ ▬ ▬▬▬ ▬ ▬▬ ▬ ▬▬▬ ▬▬ ▬ ▬▬ ▬▬▬ ▬ ▬▬ ▬ ▬▬▬ ▬ ▬▬ ▬▬ ▬ ▬▬▬ ▬ ▬▬ ▬ ▬▬▬ ▬ ▬▬ ▬▬ ▬ ▬▬▬ ▬ ▬▬ ▬ ▬▬▬ ▬ ▬▬ ▬ ▬▬▬ ▬▬ ▬ ▬▬ ▬▬▬ ▬ ▬▬ ▬ ▬▬▬ ▬ ▬▬ ▬▬ ▬ ▬▬▬ ▬ ▬▬ ▬ ▬▬▬ ▬ ▬▬ ▬▬ ▬ ▬▬▬ ▬ ▬▬ ▬ ▬▬▬ ▬ ▬▬ ▬ ▬▬▬ ▬▬ ▬ ▬▬ ▬▬▬ ▬ ▬▬ ▬ ▬▬▬ ▬ ▬▬ ▬▬ ▬ ▬▬▬ ▬ ▬▬ ▬ ▬▬▬ ▬ ▬▬ ▬▬ ▬ ▬▬▬ ▬ ▬▬ ▬ ▬▬▬
▬ ▬▬ ▬ ▬▬▬ ▬ ▬▬ ▬ ▬▬▬ ▬▬ ▬ ▬▬ ▬▬▬ ▬ ▬▬ ▬ ▬▬▬ ▬ ▬▬ ▬▬ ▬ ▬▬▬ ▬ ▬▬ ▬ ▬▬▬ ▬ ▬▬ ▬▬ ▬ ▬▬▬ ▬ ▬▬ ▬ ▬▬▬ ▬ ▬▬ ▬ ▬▬▬ ▬▬ ▬ ▬▬ ▬▬▬ ▬ ▬▬ ▬ ▬▬▬ ▬ ▬▬ ▬▬ ▬ ▬▬▬ ▬ ▬▬ ▬ ▬▬▬ ▬ ▬▬ ▬▬ ▬ ▬▬▬ ▬ ▬▬ ▬ ▬▬▬ ▬ ▬▬ ▬ ▬▬▬ ▬▬ ▬ ▬▬ ▬▬▬ ▬ ▬▬ ▬ ▬▬▬ ▬ ▬▬ ▬▬ ▬ ▬▬▬ ▬ ▬▬ ▬ ▬▬▬ ▬ ▬▬ ▬▬ ▬ ▬▬▬ ▬ ▬▬ ▬ ▬▬▬ ▬ ▬▬ ▬ ▬▬▬ ▬▬ ▬ ▬▬ ▬▬▬ ▬ ▬▬ ▬ ▬▬▬ ▬ ▬▬ ▬▬ ▬ ▬▬▬ ▬ ▬▬ ▬ ▬▬▬ ▬ ▬▬ ▬▬ ▬ ▬▬▬ ▬ ▬▬ ▬ ▬▬▬ ▬ ▬▬ ▬ ▬▬▬ ▬▬ ▬ ▬▬ ▬▬▬ ▬ ▬▬ ▬ ▬▬▬ ▬ ▬▬ ▬▬ ▬ ▬▬▬ ▬ ▬▬ ▬ ▬▬▬ ▬ ▬▬ ▬▬ ▬ ▬▬▬ ▬ ▬▬ ▬ ▬▬▬ ▬ ▬▬ ▬ ▬▬▬ ▬▬ ▬ ▬▬ ▬▬▬ ▬ ▬▬ ▬ ▬▬▬ ▬ ▬▬ ▬▬ ▬ ▬▬▬ ▬ ▬▬ ▬ ▬▬▬ ▬ ▬▬ ▬▬ ▬ ▬▬▬ ▬ ▬▬ ▬ ▬▬▬ ▬ ▬▬ ▬ ▬▬▬ ▬▬ ▬ ▬▬ ▬▬▬ ▬ ▬▬ ▬ ▬▬▬ ▬ ▬▬ ▬▬ ▬ ▬▬▬ ▬ ▬▬ ▬ ▬▬▬ ▬ ▬▬ ▬▬ ▬ ▬▬▬ ▬ ▬▬ ▬ ▬▬▬ ▬ ▬▬ ▬ ▬▬▬ ▬▬ ▬ ▬▬ ▬▬▬ ▬ ▬▬ ▬ ▬▬▬ ▬ ▬▬ ▬▬ ▬ ▬▬▬ ▬ ▬▬ ▬ ▬▬▬ ▬ ▬▬ ▬▬ ▬ ▬▬▬ ▬ ▬▬ ▬ ▬▬▬ ▬ ▬▬ ▬ ▬▬▬ ▬▬ ▬ ▬▬ ▬▬▬ ▬ ▬▬ ▬ ▬▬▬ ▬ ▬▬ ▬▬ ▬ ▬▬▬ ▬ ▬▬ ▬ ▬▬▬ ▬ ▬▬ ▬▬ ▬ ▬▬▬ ▬ ▬▬ ▬ ▬▬▬ ▬ ▬▬ ▬ ▬▬▬ ▬▬ ▬ ▬▬ ▬▬▬ ▬ ▬▬ ▬ ▬▬▬ ▬ ▬▬ ▬▬ ▬ ▬▬▬ ▬ ▬▬ ▬ ▬▬▬ ▬ ▬▬ ▬▬ ▬ ▬▬▬ ▬ ▬▬ ▬ ▬▬▬
▬ ▬▬ ▬ ▬▬▬ ▬ ▬▬ ▬ ▬▬▬ ▬▬ ▬ ▬▬ ▬▬▬ ▬ ▬▬ ▬ ▬▬▬ ▬ ▬▬ ▬▬ ▬ ▬▬▬ ▬ ▬▬ ▬ ▬▬▬ ▬ ▬▬ ▬▬ ▬ ▬▬▬ ▬ ▬▬ ▬ ▬▬▬ ▬ ▬▬ ▬ ▬▬▬ ▬▬ ▬ ▬▬ ▬▬▬ ▬ ▬▬ ▬ ▬▬▬ ▬ ▬▬ ▬▬ ▬ ▬▬▬ ▬ ▬▬ ▬ ▬▬▬ ▬ ▬▬ ▬▬ ▬ ▬▬▬ ▬ ▬▬ ▬ ▬▬▬ ▬ ▬▬ ▬ ▬▬▬ ▬▬ ▬ ▬▬ ▬▬▬ ▬ ▬▬ ▬ ▬▬▬ ▬ ▬▬ ▬▬ ▬ ▬▬▬ ▬ ▬▬ ▬ ▬▬▬ ▬ ▬▬ ▬▬ ▬ ▬▬▬ ▬ ▬▬ ▬ ▬▬▬ ▬ ▬▬ ▬ ▬▬▬ ▬▬ ▬ ▬▬ ▬▬▬ ▬ ▬▬ ▬ ▬▬▬ ▬ ▬▬ ▬▬ ▬ ▬▬▬ ▬ ▬▬ ▬ ▬▬▬ ▬ ▬▬ ▬▬ ▬ ▬▬▬ ▬ ▬▬ ▬ ▬▬▬ ▬ ▬▬ ▬ ▬▬▬ ▬▬ ▬ ▬▬ ▬▬▬ ▬ ▬▬ ▬ ▬▬▬ ▬ ▬▬ ▬▬ ▬ ▬▬▬ ▬ ▬▬ ▬ ▬▬▬ ▬ ▬▬ ▬▬ ▬ ▬▬▬ ▬ ▬▬ ▬ ▬▬▬ ▬ ▬▬ ▬ ▬▬▬ ▬▬ ▬ ▬▬ ▬▬▬ ▬ ▬▬ ▬ ▬▬▬ ▬ ▬▬ ▬▬ ▬ ▬▬▬ ▬ ▬▬ ▬ ▬▬▬ ▬ ▬▬ ▬▬ ▬ ▬▬▬ ▬ ▬▬ ▬ ▬▬▬ ▬ ▬▬ ▬ ▬▬▬ ▬▬ ▬ ▬▬ ▬▬▬ ▬ ▬▬ ▬ ▬▬▬ ▬ ▬▬ ▬▬ ▬ ▬▬▬ ▬ ▬▬ ▬ ▬▬▬ ▬ ▬▬ ▬▬ ▬ ▬▬▬ ▬ ▬▬ ▬ ▬▬▬ ▬ ▬▬ ▬ ▬▬▬ ▬▬ ▬ ▬▬ ▬▬▬ ▬ ▬▬ ▬ ▬▬▬ ▬ ▬▬ ▬▬ ▬ ▬▬▬ ▬ ▬▬ ▬ ▬▬▬ ▬ ▬▬ ▬▬ ▬ ▬▬▬ ▬ ▬▬ ▬ ▬▬▬ ▬ ▬▬ ▬ ▬▬▬ ▬▬ ▬ ▬▬ ▬▬▬ ▬ ▬▬ ▬ ▬▬▬ ▬ ▬▬ ▬▬ ▬ ▬▬▬ ▬ ▬▬ ▬ ▬▬▬ ▬ ▬▬ ▬▬ ▬ ▬▬▬ ▬ ▬▬ ▬ ▬▬▬ ▬ ▬▬ ▬ ▬▬▬ ▬▬ ▬ ▬▬ ▬▬▬ ▬ ▬▬ ▬ ▬▬▬ ▬ ▬▬ ▬▬ ▬ ▬▬▬ ▬ ▬▬ ▬ ▬▬▬ ▬ ▬▬ ▬▬ ▬ ▬▬▬ ▬ ▬▬ ▬ ▬▬▬
▬ ▬▬ ▬ ▬▬▬ ▬ ▬▬ ▬ ▬▬▬ ▬▬ ▬ ▬▬ ▬▬▬ ▬ ▬▬ ▬ ▬▬▬ ▬ ▬▬ ▬▬ ▬ ▬▬▬ ▬ ▬▬ ▬ ▬▬▬ ▬ ▬▬ ▬▬ ▬ ▬▬▬ ▬ ▬▬ ▬ ▬▬▬ ▬ ▬▬ ▬ ▬▬▬ ▬▬ ▬ ▬▬ ▬▬▬ ▬ ▬▬ ▬ ▬▬▬ ▬ ▬▬ ▬▬ ▬ ▬▬▬ ▬ ▬▬ ▬ ▬▬▬ ▬ ▬▬ ▬▬ ▬ ▬▬▬ ▬ ▬▬ ▬ ▬▬▬ ▬ ▬▬ ▬ ▬▬▬ ▬▬ ▬ ▬▬ ▬▬▬ ▬ ▬▬ ▬ ▬▬▬ ▬ ▬▬ ▬▬ ▬ ▬▬▬ ▬ ▬▬ ▬ ▬▬▬ ▬ ▬▬ ▬▬ ▬ ▬▬▬ ▬ ▬▬ ▬ ▬▬▬ ▬ ▬▬ ▬ ▬▬▬ ▬▬ ▬ ▬▬ ▬▬▬ ▬ ▬▬ ▬ ▬▬▬ ▬ ▬▬ ▬▬ ▬ ▬▬▬ ▬ ▬▬ ▬ ▬▬▬ ▬ ▬▬ ▬▬ ▬ ▬▬▬ ▬ ▬▬ ▬ ▬▬▬ ▬ ▬▬ ▬ ▬▬▬ ▬▬ ▬ ▬▬ ▬▬▬ ▬ ▬▬ ▬ ▬▬▬ ▬ ▬▬ ▬▬ ▬ ▬▬▬ ▬ ▬▬ ▬ ▬▬▬ ▬ ▬▬ ▬▬ ▬ ▬▬▬ ▬ ▬▬ ▬ ▬▬▬ ▬ ▬▬ ▬ ▬▬▬ ▬▬ ▬ ▬▬ ▬▬▬ ▬ ▬▬ ▬ ▬▬▬ ▬ ▬▬ ▬▬ ▬ ▬▬▬ ▬ ▬▬ ▬ ▬▬▬ ▬ ▬▬ ▬▬ ▬ ▬▬▬ ▬ ▬▬ ▬ ▬▬▬ ▬ ▬▬ ▬ ▬▬▬ ▬▬ ▬ ▬▬ ▬▬▬ ▬ ▬▬ ▬ ▬▬▬ ▬ ▬▬ ▬▬ ▬ ▬▬▬ ▬ ▬▬ ▬ ▬▬▬ ▬ ▬▬ ▬▬ ▬ ▬▬▬ ▬ ▬▬ ▬ ▬▬▬ ▬ ▬▬ ▬ ▬▬▬ ▬▬ ▬ ▬▬ ▬▬▬ ▬ ▬▬ ▬ ▬▬▬ ▬ ▬▬ ▬▬ ▬ ▬▬▬ ▬ ▬▬ ▬ ▬▬▬ ▬ ▬▬ ▬▬ ▬ ▬▬▬ ▬ ▬▬ ▬ ▬▬▬ ▬ ▬▬ ▬ ▬▬▬ ▬▬ ▬ ▬▬ ▬▬▬ ▬ ▬▬ ▬ ▬▬▬ ▬ ▬▬ ▬▬ ▬ ▬▬▬ ▬ ▬▬ ▬ ▬▬▬ ▬ ▬▬ ▬▬ ▬ ▬▬▬ ▬ ▬▬ ▬ ▬▬▬ ▬ ▬▬ ▬ ▬▬▬ ▬▬ ▬ ▬▬ ▬▬▬ ▬ ▬▬ ▬ ▬▬▬ ▬ ▬▬ ▬▬ ▬ ▬▬▬ ▬ ▬▬ ▬ ▬▬▬ ▬ ▬▬ ▬▬ ▬ ▬▬▬ ▬ ▬▬ ▬ ▬▬▬
সোহাগের দুর্নীতির তদন্ত শুরু
ক্রীড়া প্রতিবেদক
▬ ▬▬ ▬ ▬▬▬ ▬ ▬▬ ▬ ▬▬▬ ▬▬ ▬ ▬▬ ▬▬▬ ▬ ▬▬ ▬ ▬▬▬ ▬ ▬▬ ▬▬ ▬ ▬▬▬ ▬ ▬▬ ▬ ▬▬▬ ▬ ▬▬ ▬▬ ▬ ▬▬▬ ▬ ▬▬ ▬ ▬▬▬ ▬ ▬▬ ▬ ▬▬▬ ▬▬ ▬ ▬▬ ▬▬▬ ▬ ▬▬ ▬ ▬▬▬ ▬ ▬▬ ▬▬ ▬ ▬▬▬ ▬ ▬▬ ▬ ▬▬▬ ▬ ▬▬ ▬▬ ▬ ▬▬▬ ▬ ▬▬ ▬ ▬▬▬ ▬ ▬▬ ▬ ▬▬▬ ▬▬ ▬ ▬▬ ▬▬▬ ▬ ▬▬ ▬ ▬▬▬ ▬ ▬▬ ▬▬ ▬ ▬▬▬ ▬ ▬▬ ▬ ▬▬▬ ▬ ▬▬ ▬▬ ▬ ▬▬▬ ▬ ▬▬ ▬ ▬▬▬ ▬ ▬▬ ▬ ▬▬▬ ▬▬ ▬ ▬▬ ▬▬▬ ▬ ▬▬ ▬ ▬▬▬ ▬ ▬▬ ▬▬ ▬ ▬▬▬ ▬ ▬▬ ▬ ▬▬▬ ▬ ▬▬ ▬▬ ▬ ▬▬▬ ▬ ▬▬ ▬ ▬▬▬ ▬ ▬▬ ▬ ▬▬▬ ▬▬ ▬ ▬▬ ▬▬▬ ▬ ▬▬ ▬ ▬▬▬ ▬ ▬▬ ▬▬ ▬ ▬▬▬ ▬ ▬▬ ▬ ▬▬▬ ▬ ▬▬ ▬▬ ▬ ▬▬▬ ▬ ▬▬ ▬ ▬▬▬ ▬ ▬▬ ▬ ▬▬▬ ▬▬ ▬ ▬▬ ▬▬▬ ▬ ▬▬ ▬ ▬▬▬ ▬ ▬▬ ▬▬ ▬ ▬▬▬ ▬ ▬▬ ▬ ▬▬▬ ▬ ▬▬ ▬▬ ▬ ▬▬▬ ▬ ▬▬ ▬ ▬▬▬ ▬ ▬▬ ▬ ▬▬▬ ▬▬ ▬ ▬▬ ▬▬▬ ▬ ▬▬ ▬ ▬▬▬ ▬ ▬▬ ▬▬ ▬ ▬▬▬ ▬ ▬▬ ▬ ▬▬▬ ▬ ▬▬ ▬▬ ▬ ▬▬▬ ▬ ▬▬ ▬ ▬▬▬ ▬ ▬▬ ▬ ▬▬▬ ▬▬ ▬ ▬▬ ▬▬▬ ▬ ▬▬ ▬ ▬▬▬ ▬ ▬▬ ▬▬ ▬ ▬▬▬ ▬ ▬▬ ▬ ▬▬▬ ▬ ▬▬ ▬▬ ▬ ▬▬▬ ▬ ▬▬ ▬ ▬▬▬ ▬ ▬▬ ▬ ▬▬▬ ▬▬ ▬ ▬▬ ▬▬▬ ▬ ▬▬ ▬ ▬▬▬ ▬ ▬▬ ▬▬ ▬ ▬▬▬ ▬ ▬▬ ▬ ▬▬▬ ▬ ▬▬ ▬▬ ▬ ▬▬▬ ▬ ▬▬ ▬ ▬▬▬ ▬ ▬▬ ▬ ▬▬▬ ▬▬ ▬ ▬▬ ▬▬▬ ▬ ▬▬ ▬ ▬▬▬ ▬ ▬▬ ▬▬ ▬ ▬▬▬ ▬ ▬▬ ▬ ▬▬▬ ▬ ▬▬ ▬▬ ▬ ▬▬▬ ▬ ▬▬ ▬ ▬▬▬
দোয়া মাহফিল
বিএনপি-ঢাকা মহানগর উত্তর ও দক্ষিণ
তামিম ইকবালের দ্রুত আরোগ্য কামনায় ঢাকা মহানগর উত্তর ও দক্ষিণ বিএনপির উদ্যোগে দোয়া মাহফিল সংগৃহীত
দুই রূপগঞ্জের দ্বৈরথে জয়ী লিজেন্ডস
ক্রীড়া ডেস্ক
▬ ▬▬ ▬ ▬▬▬ ▬ ▬▬ ▬ ▬▬▬ ▬▬ ▬ ▬▬ ▬▬▬ ▬ ▬▬ ▬ ▬▬▬ ▬ ▬▬ ▬▬ ▬ ▬▬▬ ▬ ▬▬ ▬ ▬▬▬ ▬ ▬▬ ▬▬ ▬ ▬▬▬ ▬ ▬▬ ▬ ▬▬▬ ▬ ▬▬ ▬ ▬▬▬ ▬▬ ▬ ▬▬ ▬▬▬ ▬ ▬▬ ▬ ▬▬▬ ▬ ▬▬ ▬▬ ▬ ▬▬▬ ▬ ▬▬ ▬ ▬▬▬ ▬ ▬▬ ▬▬ ▬ ▬▬▬ ▬ ▬▬ ▬ ▬▬▬ ▬ ▬▬ ▬ ▬▬▬ ▬▬ ▬ ▬▬ ▬▬▬ ▬ ▬▬ ▬ ▬▬▬ ▬ ▬▬ ▬▬ ▬ ▬▬▬ ▬ ▬▬ ▬ ▬▬▬ ▬ ▬▬ ▬▬ ▬ ▬▬▬ ▬ ▬▬ ▬ ▬▬▬ ▬ ▬▬ ▬ ▬▬▬ ▬▬ ▬ ▬▬ ▬▬▬ ▬ ▬▬ ▬ ▬▬▬ ▬ ▬▬ ▬▬ ▬ ▬▬▬ ▬ ▬▬ ▬ ▬▬▬ ▬ ▬▬ ▬▬ ▬ ▬▬▬ ▬ ▬▬ ▬ ▬▬▬ ▬ ▬▬ ▬ ▬▬▬ ▬▬ ▬ ▬▬ ▬▬▬ ▬ ▬▬ ▬ ▬▬▬ ▬ ▬▬ ▬▬ ▬ ▬▬▬ ▬ ▬▬ ▬ ▬▬▬ ▬ ▬▬ ▬▬ ▬ ▬▬▬ ▬ ▬▬ ▬ ▬▬▬ ▬ ▬▬ ▬ ▬▬▬ ▬▬ ▬ ▬▬ ▬▬▬ ▬ ▬▬ ▬ ▬▬▬ ▬ ▬▬ ▬▬ ▬ ▬▬▬ ▬ ▬▬ ▬ ▬▬▬ ▬ ▬▬ ▬▬ ▬ ▬▬▬ ▬ ▬▬ ▬ ▬▬▬ ▬ ▬▬ ▬ ▬▬▬ ▬▬ ▬ ▬▬ ▬▬▬ ▬ ▬▬ ▬ ▬▬▬ ▬ ▬▬ ▬▬ ▬ ▬▬▬ ▬ ▬▬ ▬ ▬▬▬ ▬ ▬▬ ▬▬ ▬ ▬▬▬ ▬ ▬▬ ▬ ▬▬▬ ▬ ▬▬ ▬ ▬▬▬ ▬▬ ▬ ▬▬ ▬▬▬ ▬ ▬▬ ▬ ▬▬▬ ▬ ▬▬ ▬▬ ▬ ▬▬▬ ▬ ▬▬ ▬ ▬▬▬ ▬ ▬▬ ▬▬ ▬ ▬▬▬ ▬ ▬▬ ▬ ▬▬▬ ▬ ▬▬ ▬ ▬▬▬ ▬▬ ▬ ▬▬ ▬▬▬ ▬ ▬▬ ▬ ▬▬▬ ▬ ▬▬ ▬▬ ▬ ▬▬▬ ▬ ▬▬ ▬ ▬▬▬ ▬ ▬▬ ▬▬ ▬ ▬▬▬ ▬ ▬▬ ▬ ▬▬▬ ▬ ▬▬ ▬ ▬▬▬ ▬▬ ▬ ▬▬ ▬▬▬ ▬ ▬▬ ▬ ▬▬▬ ▬ ▬▬ ▬▬ ▬ ▬▬▬ ▬ ▬▬ ▬ ▬▬▬ ▬ ▬▬ ▬▬ ▬ ▬▬▬ ▬ ▬▬ ▬ ▬▬▬
☾ ঈদ
মোবারক
সহজ কিস্তি
১৮০ দিনে
নগদ মূল্যে...
SAMSUNG | electra
Since-1976
AIR CONDITIONER REFRIGERATOR & FREEZER
SMART TELEVISION
WASHING MACHINE
MICROWAVE OVEN
& OTHERS HOME APPLIANCES
ALL LATEST LINEUP AVAILABLE
At
BEST
PRICE
শর্ত প্রযোজ্য
electra
INTERNATIONAL
সর্বোচ্চ
৩৬
মাস পর্যন্ত
ইএমআই সুবিধা ⛟ ফ্রি
ডেলিভারি
HOTLINE
01713353431
◉ www.electrabd.com
f /electrainternational
